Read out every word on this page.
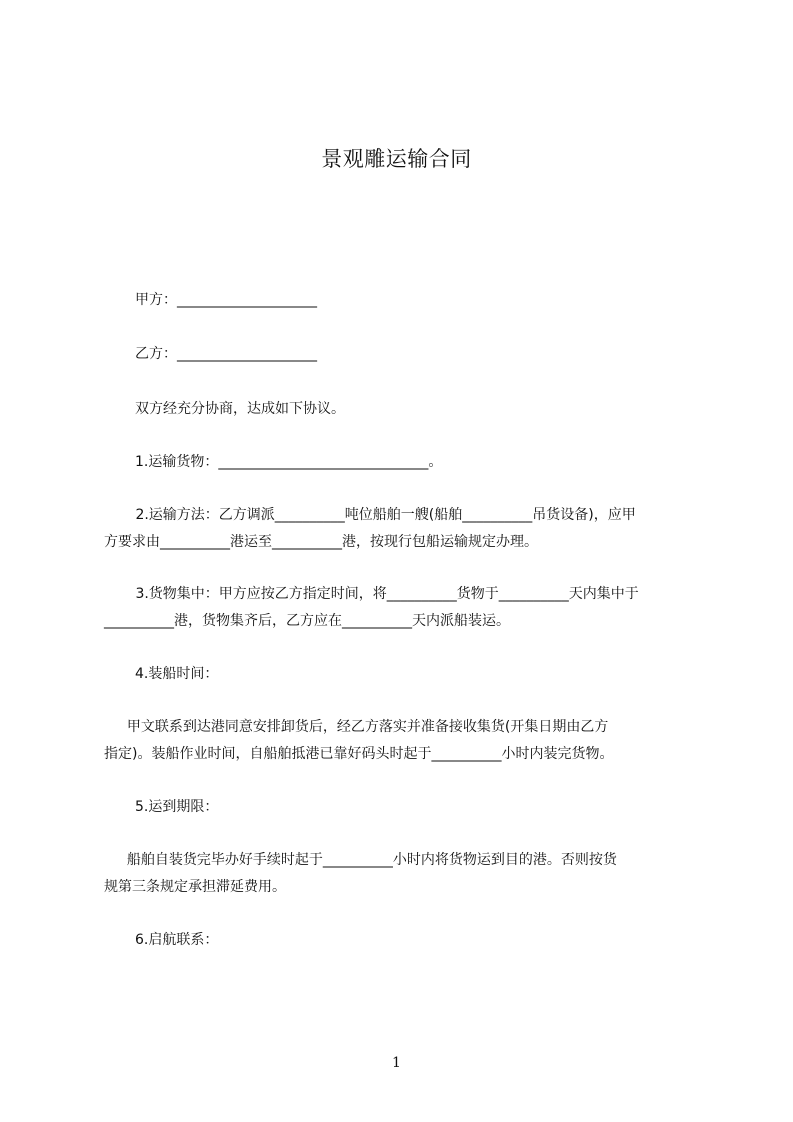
景观雕运输合同
甲方：____________________
乙方：____________________
双方经充分协商，达成如下协议。
1.运输货物：______________________________。
2.运输方法：乙方调派__________吨位船舶一艘(船舶__________吊货设备)，应甲
方要求由__________港运至__________港，按现行包船运输规定办理。
3.货物集中：甲方应按乙方指定时间，将__________货物于__________天内集中于
__________港，货物集齐后，乙方应在__________天内派船装运。
4.装船时间：
甲文联系到达港同意安排卸货后，经乙方落实并准备接收集货(开集日期由乙方
指定)。装船作业时间，自船舶抵港已靠好码头时起于__________小时内装完货物。
5.运到期限：
船舶自装货完毕办好手续时起于__________小时内将货物运到目的港。否则按货
规第三条规定承担滞延费用。
6.启航联系：
1
